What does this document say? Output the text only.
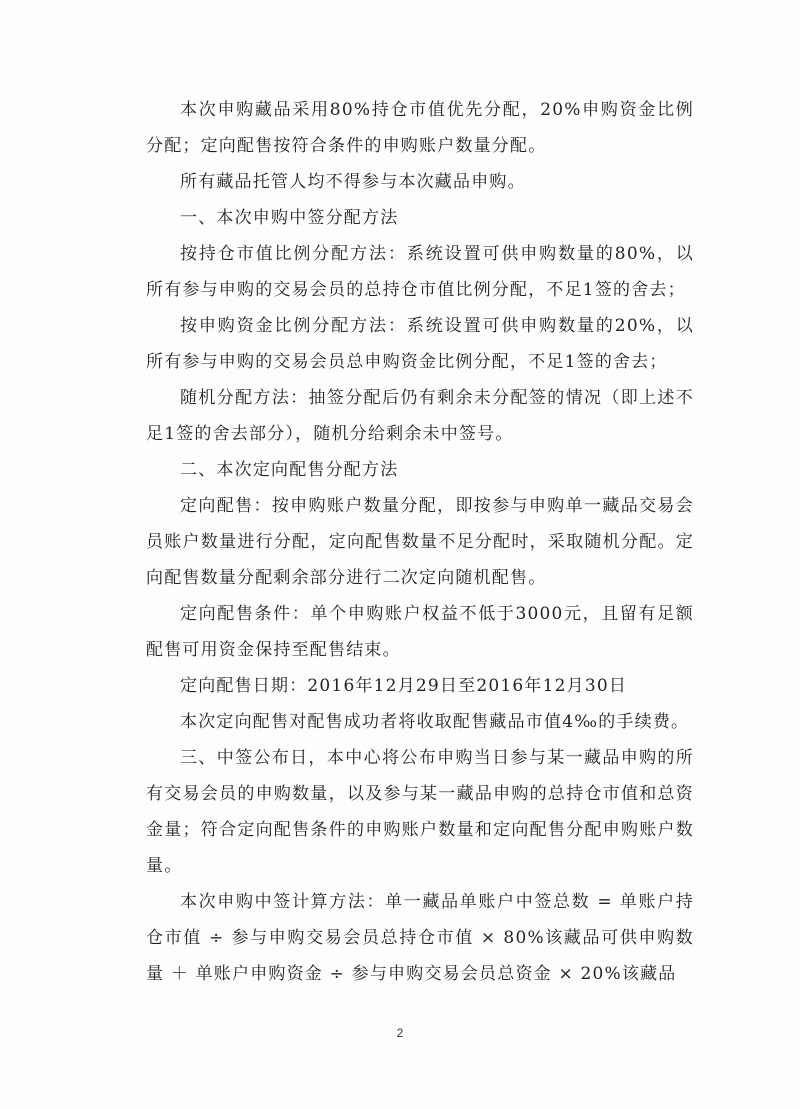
本次申购藏品采用80%持仓市值优先分配，20%申购资金比例分配；定向配售按符合条件的申购账户数量分配。

所有藏品托管人均不得参与本次藏品申购。

一、本次申购中签分配方法

按持仓市值比例分配方法：系统设置可供申购数量的80%，以所有参与申购的交易会员的总持仓市值比例分配，不足1签的舍去；

按申购资金比例分配方法：系统设置可供申购数量的20%，以所有参与申购的交易会员总申购资金比例分配，不足1签的舍去；

随机分配方法：抽签分配后仍有剩余未分配签的情况（即上述不足1签的舍去部分），随机分给剩余未中签号。

二、本次定向配售分配方法

定向配售：按申购账户数量分配，即按参与申购单一藏品交易会员账户数量进行分配，定向配售数量不足分配时，采取随机分配。定向配售数量分配剩余部分进行二次定向随机配售。

定向配售条件：单个申购账户权益不低于3000元，且留有足额配售可用资金保持至配售结束。

定向配售日期：2016年12月29日至2016年12月30日

本次定向配售对配售成功者将收取配售藏品市值4‰的手续费。

三、中签公布日，本中心将公布申购当日参与某一藏品申购的所有交易会员的申购数量，以及参与某一藏品申购的总持仓市值和总资金量；符合定向配售条件的申购账户数量和定向配售分配申购账户数量。

本次申购中签计算方法：单一藏品单账户中签总数 = 单账户持仓市值 ÷ 参与申购交易会员总持仓市值 × 80%该藏品可供申购数量 ＋ 单账户申购资金 ÷ 参与申购交易会员总资金 × 20%该藏品

2
